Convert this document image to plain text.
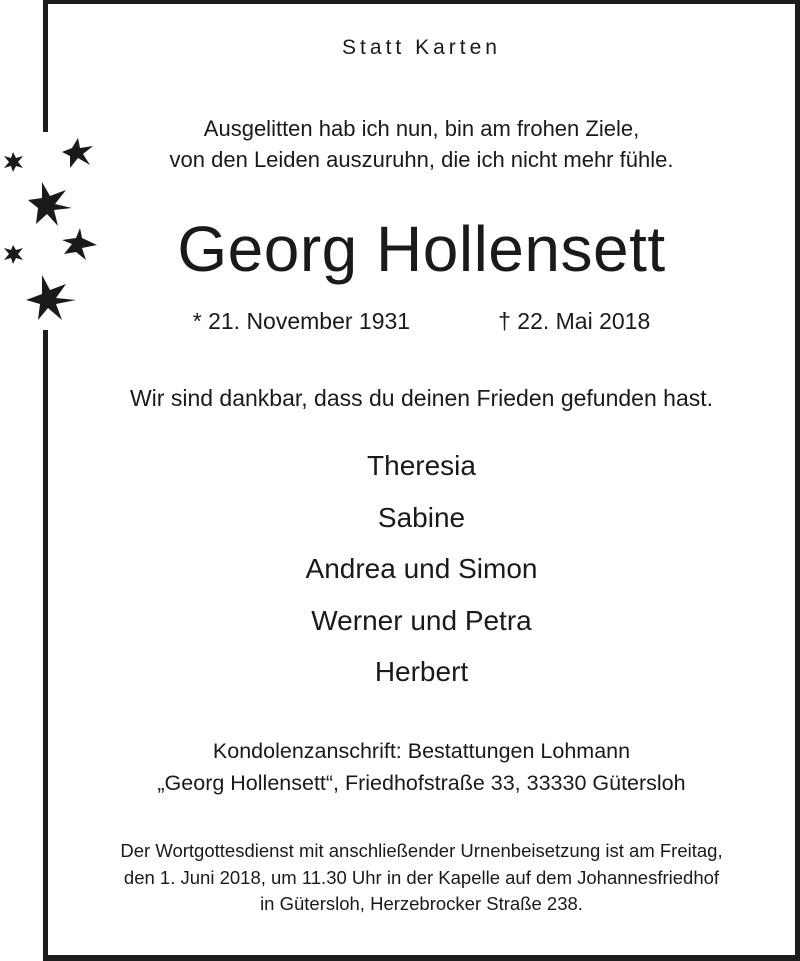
Statt Karten
Ausgelitten hab ich nun, bin am frohen Ziele,
von den Leiden auszuruhn, die ich nicht mehr fühle.
Georg Hollensett
* 21. November 1931	† 22. Mai 2018
Wir sind dankbar, dass du deinen Frieden gefunden hast.
Theresia
Sabine
Andrea und Simon
Werner und Petra
Herbert
Kondolenzanschrift: Bestattungen Lohmann
„Georg Hollensett“, Friedhofstraße 33, 33330 Gütersloh
Der Wortgottesdienst mit anschließender Urnenbeisetzung ist am Freitag,
den 1. Juni 2018, um 11.30 Uhr in der Kapelle auf dem Johannesfriedhof
in Gütersloh, Herzebrocker Straße 238.
